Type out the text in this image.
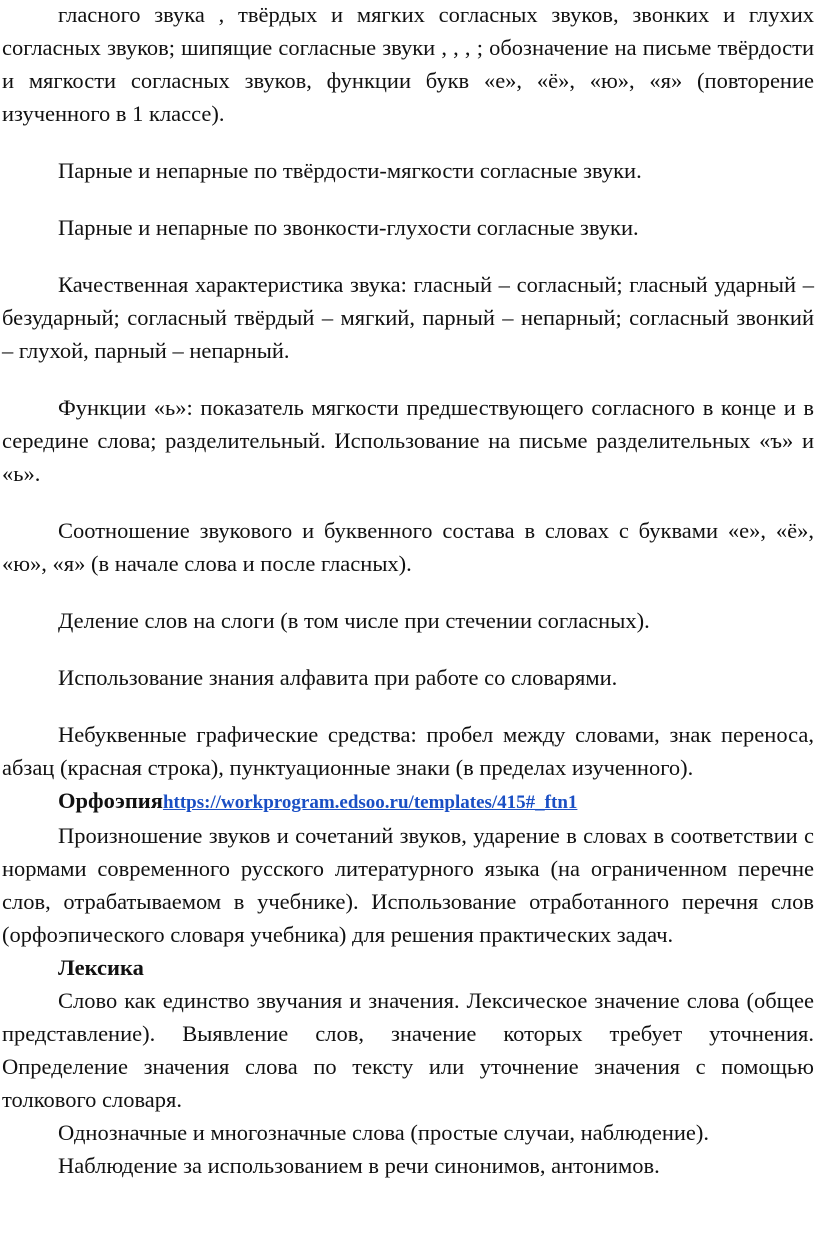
гласного звука , твёрдых и мягких согласных звуков, звонких и глухих согласных звуков; шипящие согласные звуки , , , ; обозначение на письме твёрдости и мягкости согласных звуков, функции букв «е», «ё», «ю», «я» (повторение изученного в 1 классе).

Парные и непарные по твёрдости-мягкости согласные звуки.

Парные и непарные по звонкости-глухости согласные звуки.

Качественная характеристика звука: гласный – согласный; гласный ударный – безударный; согласный твёрдый – мягкий, парный – непарный; согласный звонкий – глухой, парный – непарный.

Функции «ь»: показатель мягкости предшествующего согласного в конце и в середине слова; разделительный. Использование на письме разделительных «ъ» и «ь».

Соотношение звукового и буквенного состава в словах с буквами «е», «ё», «ю», «я» (в начале слова и после гласных).

Деление слов на слоги (в том числе при стечении согласных).

Использование знания алфавита при работе со словарями.

Небуквенные графические средства: пробел между словами, знак переноса, абзац (красная строка), пунктуационные знаки (в пределах изученного).

Орфоэпияhttps://workprogram.edsoo.ru/templates/415#_ftn1

Произношение звуков и сочетаний звуков, ударение в словах в соответствии с нормами современного русского литературного языка (на ограниченном перечне слов, отрабатываемом в учебнике). Использование отработанного перечня слов (орфоэпического словаря учебника) для решения практических задач.

Лексика

Слово как единство звучания и значения. Лексическое значение слова (общее представление). Выявление слов, значение которых требует уточнения. Определение значения слова по тексту или уточнение значения с помощью толкового словаря.

Однозначные и многозначные слова (простые случаи, наблюдение).

Наблюдение за использованием в речи синонимов, антонимов.
